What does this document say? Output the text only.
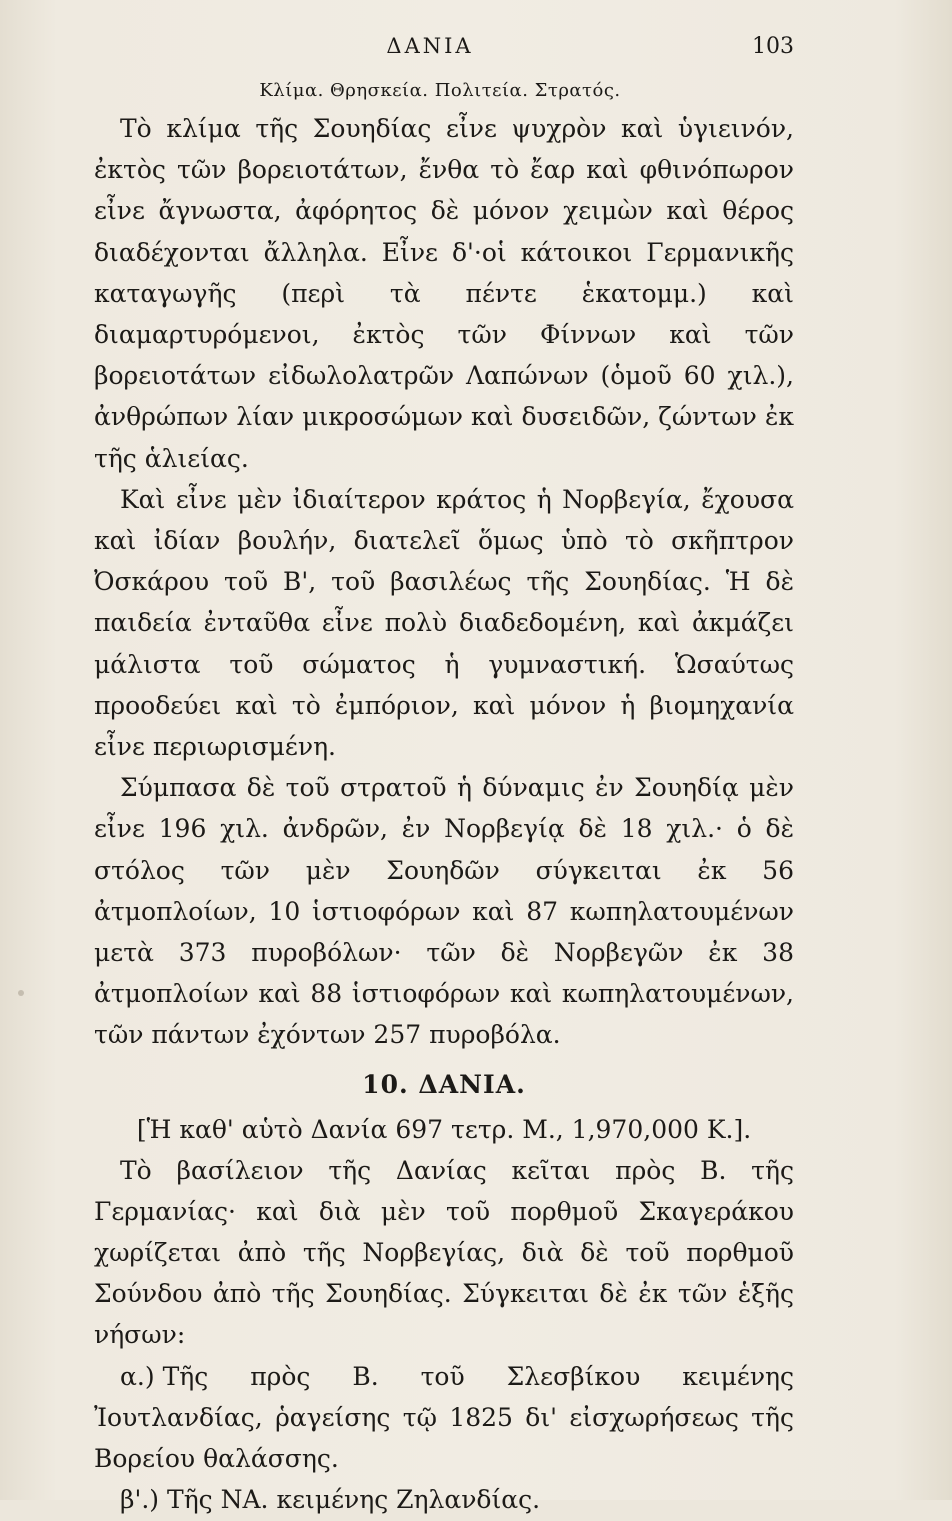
ΔΑΝΙΑ	103
Κλίμα. Θρησκεία. Πολιτεία. Στρατός.

Τὸ κλίμα τῆς Σουηδίας εἶνε ψυχρὸν καὶ ὑγιεινόν, ἐκτὸς τῶν βορειοτάτων, ἔνθα τὸ ἔαρ καὶ φθινόπωρον εἶνε ἄγνωστα, ἀφόρητος δὲ μόνον χειμὼν καὶ θέρος διαδέχονται ἄλληλα. Εἶνε δ'·οἱ κάτοικοι Γερμανικῆς καταγωγῆς (περὶ τὰ πέντε ἑκατομμ.) καὶ διαμαρτυρόμενοι, ἐκτὸς τῶν Φίννων καὶ τῶν βορειοτάτων εἰδωλολατρῶν Λαπώνων (ὁμοῦ 60 χιλ.), ἀνθρώπων λίαν μικροσώμων καὶ δυσειδῶν, ζώντων ἐκ τῆς ἁλιείας.

Καὶ εἶνε μὲν ἰδιαίτερον κράτος ἡ Νορβεγία, ἔχουσα καὶ ἰδίαν βουλήν, διατελεῖ ὅμως ὑπὸ τὸ σκῆπτρον Ὀσκάρου τοῦ Β', τοῦ βασιλέως τῆς Σουηδίας. Ἡ δὲ παιδεία ἐνταῦθα εἶνε πολὺ διαδεδομένη, καὶ ἀκμάζει μάλιστα τοῦ σώματος ἡ γυμναστική. Ὡσαύτως προοδεύει καὶ τὸ ἐμπόριον, καὶ μόνον ἡ βιομηχανία εἶνε περιωρισμένη.

Σύμπασα δὲ τοῦ στρατοῦ ἡ δύναμις ἐν Σουηδίᾳ μὲν εἶνε 196 χιλ. ἀνδρῶν, ἐν Νορβεγίᾳ δὲ 18 χιλ.· ὁ δὲ στόλος τῶν μὲν Σουηδῶν σύγκειται ἐκ 56 ἀτμοπλοίων, 10 ἱστιοφόρων καὶ 87 κωπηλατουμένων μετὰ 373 πυροβόλων· τῶν δὲ Νορβεγῶν ἐκ 38 ἀτμοπλοίων καὶ 88 ἱστιοφόρων καὶ κωπηλατουμένων, τῶν πάντων ἐχόντων 257 πυροβόλα.

10. ΔΑΝΙΑ.

[Ἡ καθ' αὑτὸ Δανία 697 τετρ. Μ., 1,970,000 Κ.].

Τὸ βασίλειον τῆς Δανίας κεῖται πρὸς Β. τῆς Γερμανίας· καὶ διὰ μὲν τοῦ πορθμοῦ Σκαγεράκου χωρίζεται ἀπὸ τῆς Νορβεγίας, διὰ δὲ τοῦ πορθμοῦ Σούνδου ἀπὸ τῆς Σουηδίας. Σύγκειται δὲ ἐκ τῶν ἑξῆς νήσων:

α.) Τῆς πρὸς Β. τοῦ Σλεσβίκου κειμένης Ἰουτλανδίας, ῥαγείσης τῷ 1825 δι' εἰσχωρήσεως τῆς Βορείου θαλάσσης.

β'.) Τῆς ΝΑ. κειμένης Ζηλανδίας.
